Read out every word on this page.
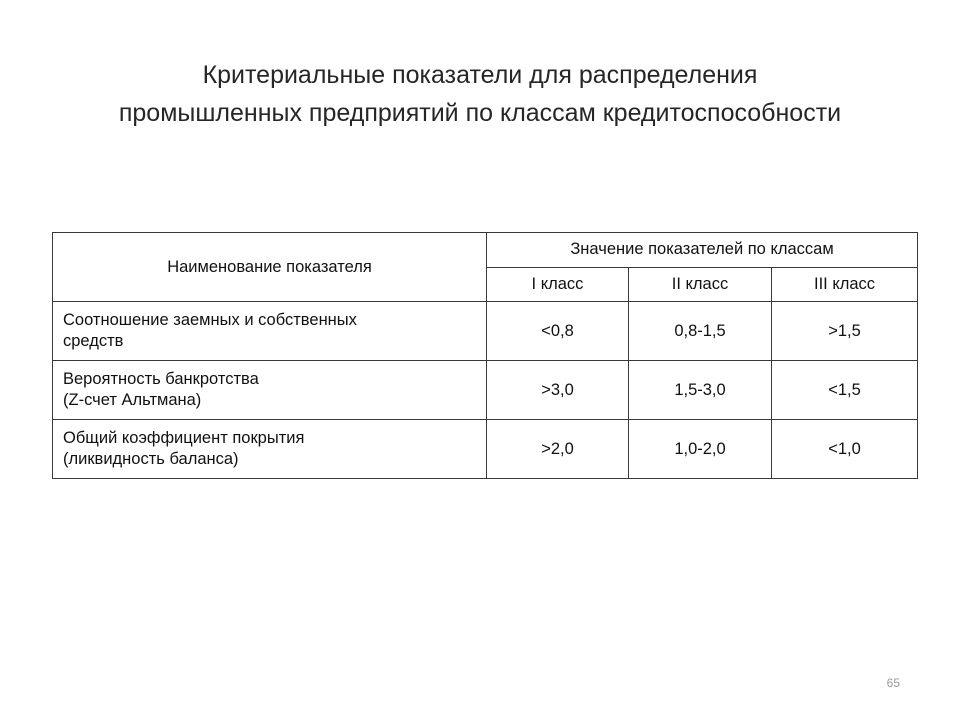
Критериальные показатели для распределения
промышленных предприятий по классам кредитоспособности
Наименование показателя	Значение показателей по классам		
	I класс	II класс	III класс

Соотношение заемных и собственных
средств	<0,8	0,8-1,5	>1,5

Вероятность банкротства
(Z-счет Альтмана)	>3,0	1,5-3,0	<1,5

Общий коэффициент покрытия
(ликвидность баланса)	>2,0	1,0-2,0	<1,0
65
